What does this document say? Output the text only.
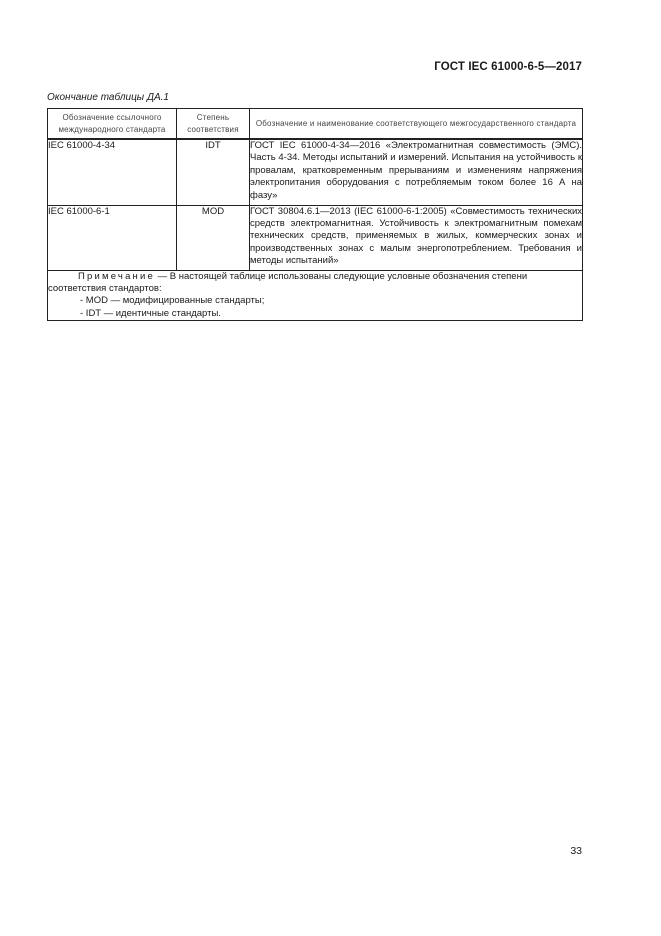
ГОСТ IEC 61000-6-5—2017
Окончание таблицы ДА.1
Обозначение ссылочного международного стандарта	Степень соответствия	Обозначение и наименование соответствующего межгосударственного стандарта
IEC 61000-4-34	IDT	ГОСТ IEC 61000-4-34—2016 «Электромагнитная совместимость (ЭМС). Часть 4-34. Методы испытаний и измерений. Испытания на устойчивость к провалам, кратковременным прерываниям и изменениям напряжения электропитания оборудования с потребляемым током более 16 А на фазу»
IEC 61000-6-1	MOD	ГОСТ 30804.6.1—2013 (IEC 61000-6-1:2005) «Совместимость технических средств электромагнитная. Устойчивость к электромагнитным помехам технических средств, применяемых в жилых, коммерческих зонах и производственных зонах с малым энергопотреблением. Требования и методы испытаний»

Примечание — В настоящей таблице использованы следующие условные обозначения степени соответствия стандартов:
- MOD — модифицированные стандарты;
- IDT — идентичные стандарты.		
33
